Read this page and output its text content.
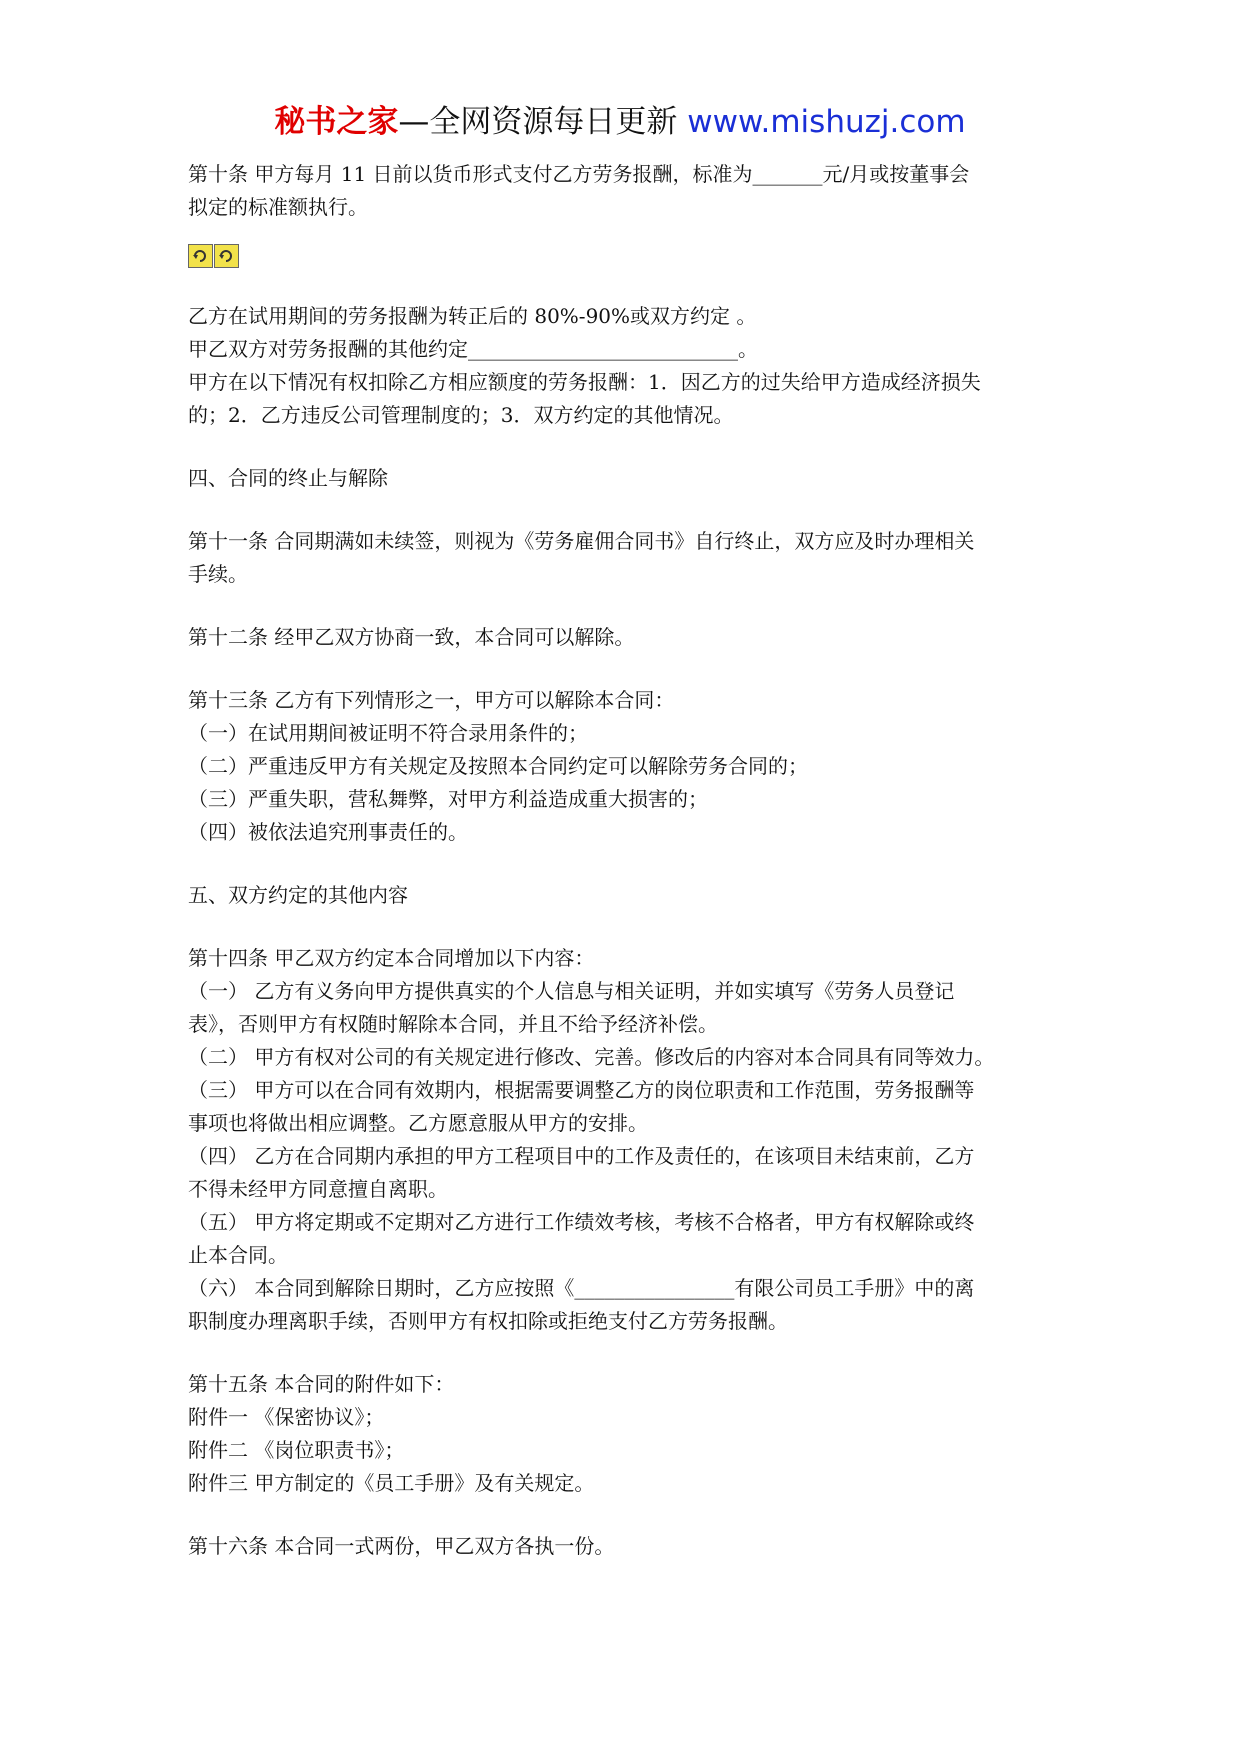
秘书之家—全网资源每日更新 www.mishuzj.com
第十条 甲方每月 11 日前以货币形式支付乙方劳务报酬，标准为_______元/月或按董事会
拟定的标准额执行。
乙方在试用期间的劳务报酬为转正后的 80%-90%或双方约定 。
甲乙双方对劳务报酬的其他约定___________________________。
甲方在以下情况有权扣除乙方相应额度的劳务报酬：1．因乙方的过失给甲方造成经济损失
的；2．乙方违反公司管理制度的；3．双方约定的其他情况。
四、合同的终止与解除
第十一条 合同期满如未续签，则视为《劳务雇佣合同书》自行终止，双方应及时办理相关
手续。
第十二条 经甲乙双方协商一致，本合同可以解除。
第十三条 乙方有下列情形之一，甲方可以解除本合同：
（一）在试用期间被证明不符合录用条件的；
（二）严重违反甲方有关规定及按照本合同约定可以解除劳务合同的；
（三）严重失职，营私舞弊，对甲方利益造成重大损害的；
（四）被依法追究刑事责任的。
五、双方约定的其他内容
第十四条 甲乙双方约定本合同增加以下内容：
（一） 乙方有义务向甲方提供真实的个人信息与相关证明，并如实填写《劳务人员登记
表》，否则甲方有权随时解除本合同，并且不给予经济补偿。
（二） 甲方有权对公司的有关规定进行修改、完善。修改后的内容对本合同具有同等效力。
（三） 甲方可以在合同有效期内，根据需要调整乙方的岗位职责和工作范围，劳务报酬等
事项也将做出相应调整。乙方愿意服从甲方的安排。
（四） 乙方在合同期内承担的甲方工程项目中的工作及责任的，在该项目未结束前，乙方
不得未经甲方同意擅自离职。
（五） 甲方将定期或不定期对乙方进行工作绩效考核，考核不合格者，甲方有权解除或终
止本合同。
（六） 本合同到解除日期时，乙方应按照《________________有限公司员工手册》中的离
职制度办理离职手续，否则甲方有权扣除或拒绝支付乙方劳务报酬。
第十五条 本合同的附件如下：
附件一 《保密协议》；
附件二 《岗位职责书》；
附件三 甲方制定的《员工手册》及有关规定。
第十六条 本合同一式两份，甲乙双方各执一份。
